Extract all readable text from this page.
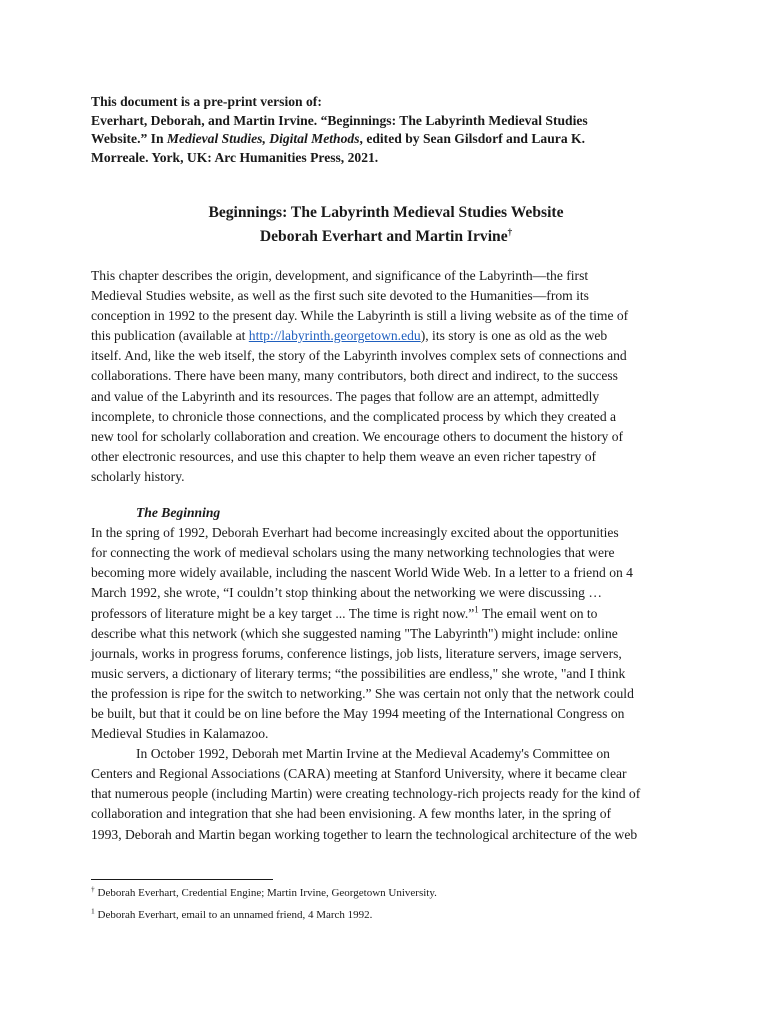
This document is a pre-print version of:
Everhart, Deborah, and Martin Irvine. “Beginnings: The Labyrinth Medieval Studies
Website.” In Medieval Studies, Digital Methods, edited by Sean Gilsdorf and Laura K.
Morreale. York, UK: Arc Humanities Press, 2021.
Beginnings: The Labyrinth Medieval Studies Website
Deborah Everhart and Martin Irvine†
This chapter describes the origin, development, and significance of the Labyrinth—the first
Medieval Studies website, as well as the first such site devoted to the Humanities—from its
conception in 1992 to the present day. While the Labyrinth is still a living website as of the time of
this publication (available at http://labyrinth.georgetown.edu), its story is one as old as the web
itself. And, like the web itself, the story of the Labyrinth involves complex sets of connections and
collaborations. There have been many, many contributors, both direct and indirect, to the success
and value of the Labyrinth and its resources. The pages that follow are an attempt, admittedly
incomplete, to chronicle those connections, and the complicated process by which they created a
new tool for scholarly collaboration and creation. We encourage others to document the history of
other electronic resources, and use this chapter to help them weave an even richer tapestry of
scholarly history.
The Beginning
In the spring of 1992, Deborah Everhart had become increasingly excited about the opportunities
for connecting the work of medieval scholars using the many networking technologies that were
becoming more widely available, including the nascent World Wide Web. In a letter to a friend on 4
March 1992, she wrote, “I couldn’t stop thinking about the networking we were discussing …
professors of literature might be a key target ... The time is right now.”$^1$ The email went on to
describe what this network (which she suggested naming "The Labyrinth") might include: online
journals, works in progress forums, conference listings, job lists, literature servers, image servers,
music servers, a dictionary of literary terms; “the possibilities are endless," she wrote, "and I think
the profession is ripe for the switch to networking.” She was certain not only that the network could
be built, but that it could be on line before the May 1994 meeting of the International Congress on
Medieval Studies in Kalamazoo.
In October 1992, Deborah met Martin Irvine at the Medieval Academy's Committee on
Centers and Regional Associations (CARA) meeting at Stanford University, where it became clear
that numerous people (including Martin) were creating technology-rich projects ready for the kind of
collaboration and integration that she had been envisioning. A few months later, in the spring of
1993, Deborah and Martin began working together to learn the technological architecture of the web
† Deborah Everhart, Credential Engine; Martin Irvine, Georgetown University.
$^1$ Deborah Everhart, email to an unnamed friend, 4 March 1992.
